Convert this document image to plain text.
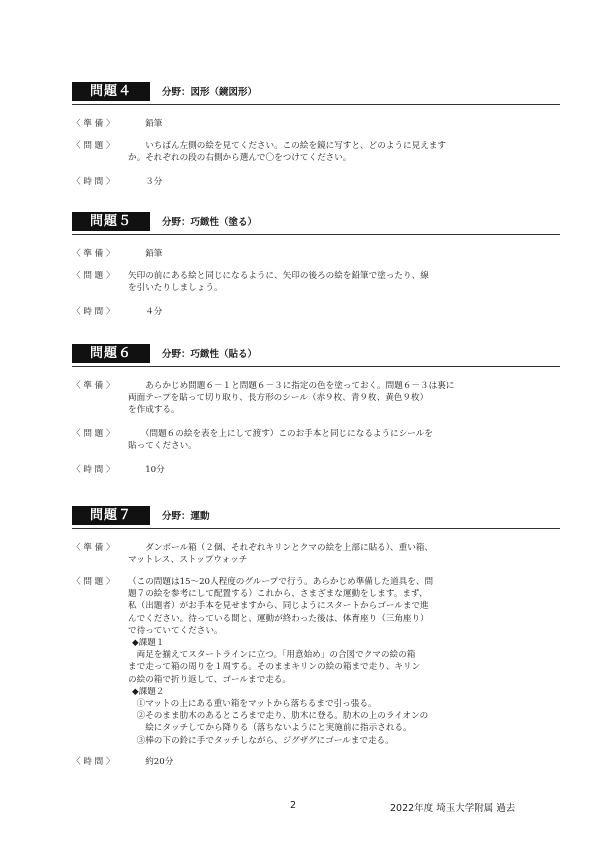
問題４	分野：図形（鏡図形）
〈 準 備 〉	　　鉛筆

〈 問 題 〉	　　いちばん左側の絵を見てください。この絵を鏡に写すと、どのように見えます

か。それぞれの段の右側から選んで〇をつけてください。

〈 時 間 〉	　　３分

問題５	分野：巧緻性（塗る）
〈 準 備 〉	　　鉛筆

〈 問 題 〉	矢印の前にある絵と同じになるように、矢印の後ろの絵を鉛筆で塗ったり、線

を引いたりしましょう。

〈 時 間 〉	　　４分

問題６	分野：巧緻性（貼る）
〈 準 備 〉	　　あらかじめ問題６－１と問題６－３に指定の色を塗っておく。問題６－３は裏に

両面テープを貼って切り取り、長方形のシール（赤９枚、青９枚、黄色９枚）

を作成する。

〈 問 題 〉	　　（問題６の絵を表を上にして渡す）このお手本と同じになるようにシールを

貼ってください。

〈 時 間 〉	　　10分

問題７	分野：運動
〈 準 備 〉	　　ダンボール箱（２個、それぞれキリンとクマの絵を上部に貼る）、重い箱、

マットレス、ストップウォッチ

〈 問 題 〉	（この問題は15～20人程度のグループで行う。あらかじめ準備した道具を、問

題７の絵を参考にして配置する）これから、さまざまな運動をします。まず、

私（出題者）がお手本を見せますから、同じようにスタートからゴールまで進

んでください。待っている間と、運動が終わった後は、体育座り（三角座り）

で待っていてください。

◆課題１

　両足を揃えてスタートラインに立つ。「用意始め」の合図でクマの絵の箱

まで走って箱の周りを１周する。そのままキリンの絵の箱まで走り、キリン

の絵の箱で折り返して、ゴールまで走る。

◆課題２

　①マットの上にある重い箱をマットから落ちるまで引っ張る。

　②そのまま肋木のあるところまで走り、肋木に登る。肋木の上のライオンの

　　絵にタッチしてから降りる（落ちないようにと実施前に指示される。

　③棒の下の鈴に手でタッチしながら、ジグザグにゴールまで走る。

〈 時 間 〉	　　約20分

2	2022年度 埼玉大学附属 過去
